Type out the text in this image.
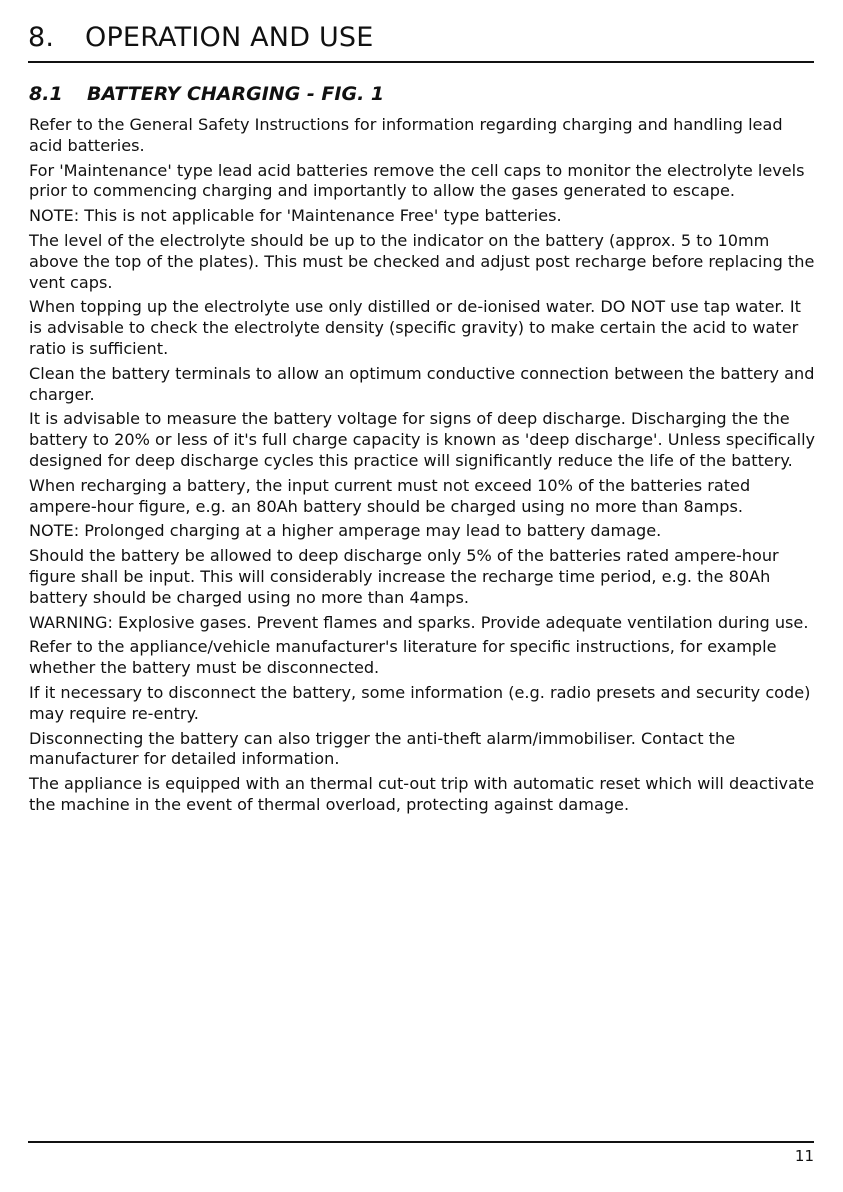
8. OPERATION AND USE
8.1 BATTERY CHARGING - FIG. 1

Refer to the General Safety Instructions for information regarding charging and handling lead acid batteries.

For 'Maintenance' type lead acid batteries remove the cell caps to monitor the electrolyte levels prior to commencing charging and importantly to allow the gases generated to escape.

NOTE: This is not applicable for 'Maintenance Free' type batteries.

The level of the electrolyte should be up to the indicator on the battery (approx. 5 to 10mm above the top of the plates). This must be checked and adjust post recharge before replacing the vent caps.

When topping up the electrolyte use only distilled or de-ionised water. DO NOT use tap water. It is advisable to check the electrolyte density (specific gravity) to make certain the acid to water ratio is sufficient.

Clean the battery terminals to allow an optimum conductive connection between the battery and charger.

It is advisable to measure the battery voltage for signs of deep discharge. Discharging the the battery to 20% or less of it's full charge capacity is known as 'deep discharge'. Unless specifically designed for deep discharge cycles this practice will significantly reduce the life of the battery.

When recharging a battery, the input current must not exceed 10% of the batteries rated ampere-hour figure, e.g. an 80Ah battery should be charged using no more than 8amps.

NOTE: Prolonged charging at a higher amperage may lead to battery damage.

Should the battery be allowed to deep discharge only 5% of the batteries rated ampere-hour figure shall be input. This will considerably increase the recharge time period, e.g. the 80Ah battery should be charged using no more than 4amps.

WARNING: Explosive gases. Prevent flames and sparks. Provide adequate ventilation during use.

Refer to the appliance/vehicle manufacturer's literature for specific instructions, for example whether the battery must be disconnected.

If it necessary to disconnect the battery, some information (e.g. radio presets and security code) may require re-entry.

Disconnecting the battery can also trigger the anti-theft alarm/immobiliser. Contact the manufacturer for detailed information.

The appliance is equipped with an thermal cut-out trip with automatic reset which will deactivate the machine in the event of thermal overload, protecting against damage.

11
